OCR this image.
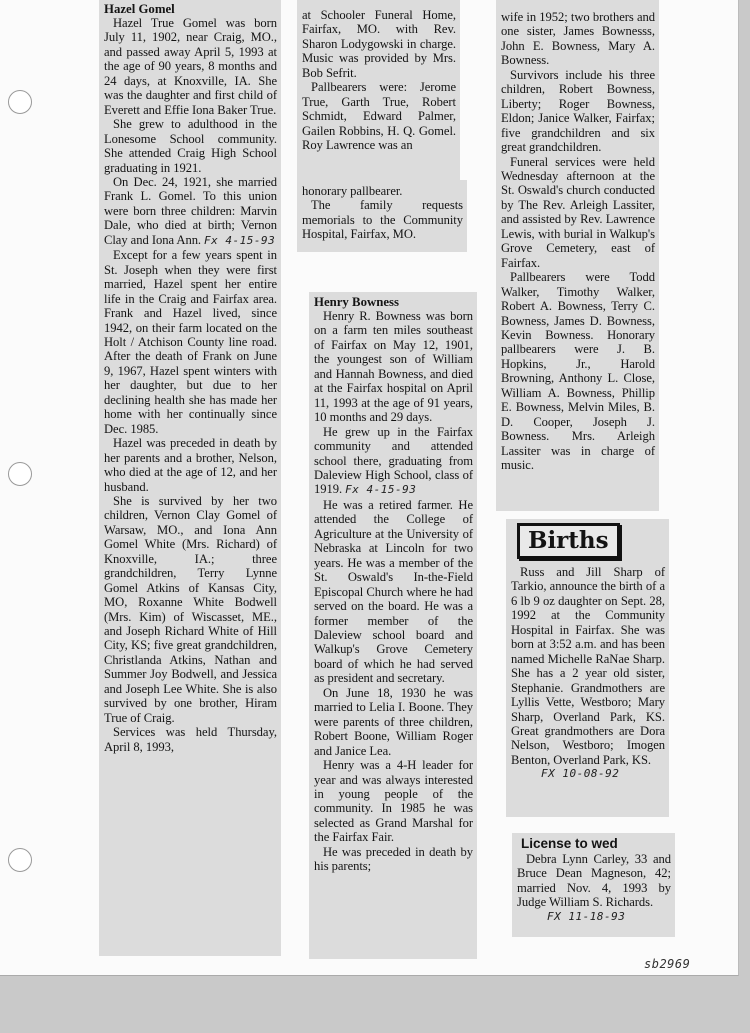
Hazel Gomel

Hazel True Gomel was born July 11, 1902, near Craig, MO., and passed away April 5, 1993 at the age of 90 years, 8 months and 24 days, at Knoxville, IA. She was the daughter and first child of Everett and Effie Iona Baker True.

She grew to adulthood in the Lonesome School community. She attended Craig High School graduating in 1921.

On Dec. 24, 1921, she married Frank L. Gomel. To this union were born three children: Marvin Dale, who died at birth; Vernon Clay and Iona Ann. Fx 4-15-93

Except for a few years spent in St. Joseph when they were first married, Hazel spent her entire life in the Craig and Fairfax area. Frank and Hazel lived, since 1942, on their farm located on the Holt / Atchison County line road. After the death of Frank on June 9, 1967, Hazel spent winters with her daughter, but due to her declining health she has made her home with her continually since Dec. 1985.

Hazel was preceded in death by her parents and a brother, Nelson, who died at the age of 12, and her husband.

She is survived by her two children, Vernon Clay Gomel of Warsaw, MO., and Iona Ann Gomel White (Mrs. Richard) of Knoxville, IA.; three grandchildren, Terry Lynne Gomel Atkins of Kansas City, MO, Roxanne White Bodwell (Mrs. Kim) of Wiscasset, ME., and Joseph Richard White of Hill City, KS; five great grandchildren, Christlanda Atkins, Nathan and Summer Joy Bodwell, and Jessica and Joseph Lee White. She is also survived by one brother, Hiram True of Craig.

Services was held Thursday, April 8, 1993,

at Schooler Funeral Home, Fairfax, MO. with Rev. Sharon Lodygowski in charge. Music was provided by Mrs. Bob Sefrit.

Pallbearers were: Jerome True, Garth True, Robert Schmidt, Edward Palmer, Gailen Robbins, H. Q. Gomel. Roy Lawrence was an

honorary pallbearer.

The family requests memorials to the Community Hospital, Fairfax, MO.

Henry Bowness

Henry R. Bowness was born on a farm ten miles southeast of Fairfax on May 12, 1901, the youngest son of William and Hannah Bowness, and died at the Fairfax hospital on April 11, 1993 at the age of 91 years, 10 months and 29 days.

He grew up in the Fairfax community and attended school there, graduating from Daleview High School, class of 1919. Fx 4-15-93

He was a retired farmer. He attended the College of Agriculture at the University of Nebraska at Lincoln for two years. He was a member of the St. Oswald's In-the-Field Episcopal Church where he had served on the board. He was a former member of the Daleview school board and Walkup's Grove Cemetery board of which he had served as president and secretary.

On June 18, 1930 he was married to Lelia I. Boone. They were parents of three children, Robert Boone, William Roger and Janice Lea.

Henry was a 4-H leader for year and was always interested in young people of the community. In 1985 he was selected as Grand Marshal for the Fairfax Fair.

He was preceded in death by his parents;

wife in 1952; two brothers and one sister, James Bownesss, John E. Bowness, Mary A. Bowness.

Survivors include his three children, Robert Bowness, Liberty; Roger Bowness, Eldon; Janice Walker, Fairfax; five grandchildren and six great grandchildren.

Funeral services were held Wednesday afternoon at the St. Oswald's church conducted by The Rev. Arleigh Lassiter, and assisted by Rev. Lawrence Lewis, with burial in Walkup's Grove Cemetery, east of Fairfax.

Pallbearers were Todd Walker, Timothy Walker, Robert A. Bowness, Terry C. Bowness, James D. Bowness, Kevin Bowness. Honorary pallbearers were J. B. Hopkins, Jr., Harold Browning, Anthony L. Close, William A. Bowness, Phillip E. Bowness, Melvin Miles, B. D. Cooper, Joseph J. Bowness. Mrs. Arleigh Lassiter was in charge of music.

Births

Russ and Jill Sharp of Tarkio, announce the birth of a 6 lb 9 oz daughter on Sept. 28, 1992 at the Community Hospital in Fairfax. She was born at 3:52 a.m. and has been named Michelle RaNae Sharp. She has a 2 year old sister, Stephanie. Grandmothers are Lyllis Vette, Westboro; Mary Sharp, Overland Park, KS. Great grandmothers are Dora Nelson, Westboro; Imogen Benton, Overland Park, KS.

FX 10-08-92
License to wed

Debra Lynn Carley, 33 and Bruce Dean Magneson, 42; married Nov. 4, 1993 by Judge William S. Richards.

FX 11-18-93
sb2969
